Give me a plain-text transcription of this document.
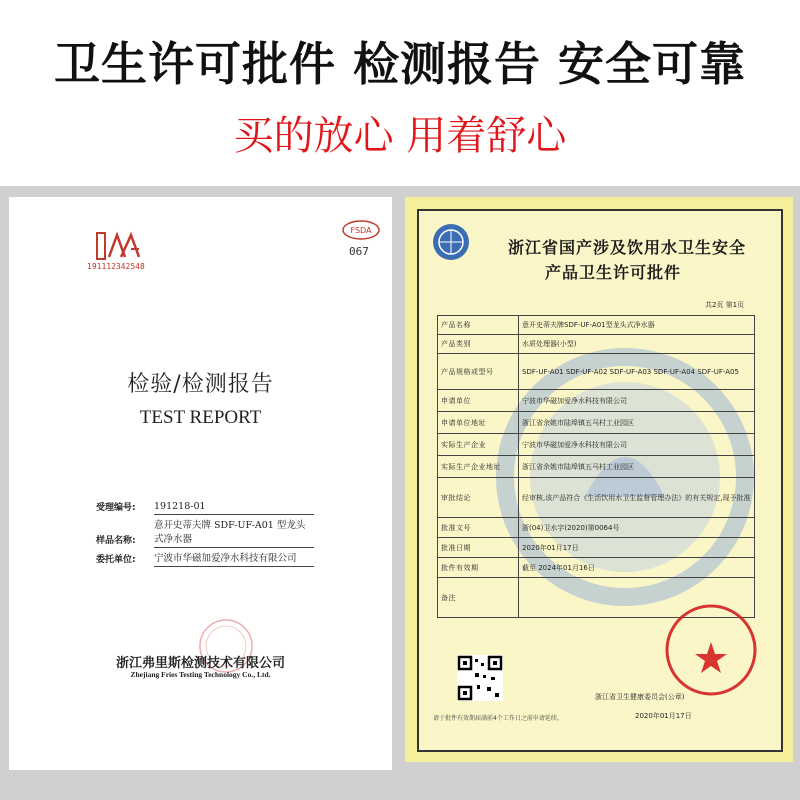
卫生许可批件 检测报告 安全可靠
买的放心 用着舒心
191112342548
FSDA
067
检验/检测报告
TEST REPORT
受理编号:	191218-01
样品名称:
意开史蒂夫牌 SDF-UF-A01 型龙头式净水器
委托单位:	宁波市华磁加爱净水科技有限公司
浙江弗里斯检测技术有限公司
Zhejiang Fries Testing Technology Co., Ltd.
浙江省国产涉及饮用水卫生安全
产品卫生许可批件
共2页 第1页
产品名称	意开史蒂夫牌SDF-UF-A01型龙头式净水器
产品类别	水质处理器(小型)
产品规格或型号	SDF-UF-A01 SDF-UF-A02 SDF-UF-A03 SDF-UF-A04 SDF-UF-A05
申请单位	宁波市华磁加爱净水科技有限公司
申请单位地址	浙江省余姚市陆埠镇五马村工业园区
实际生产企业	宁波市华磁加爱净水科技有限公司
实际生产企业地址	浙江省余姚市陆埠镇五马村工业园区
审批结论	经审核,该产品符合《生活饮用水卫生监督管理办法》的有关规定,现予批准
批准文号	浙(04)卫水字(2020)第0064号
批准日期	2020年01月17日
批件有效期	截至 2024年01月16日
备注	
浙江省卫生健康委员会(公章)
2020年01月17日
请于批件有效期届满前4个工作日之前申请延续。
